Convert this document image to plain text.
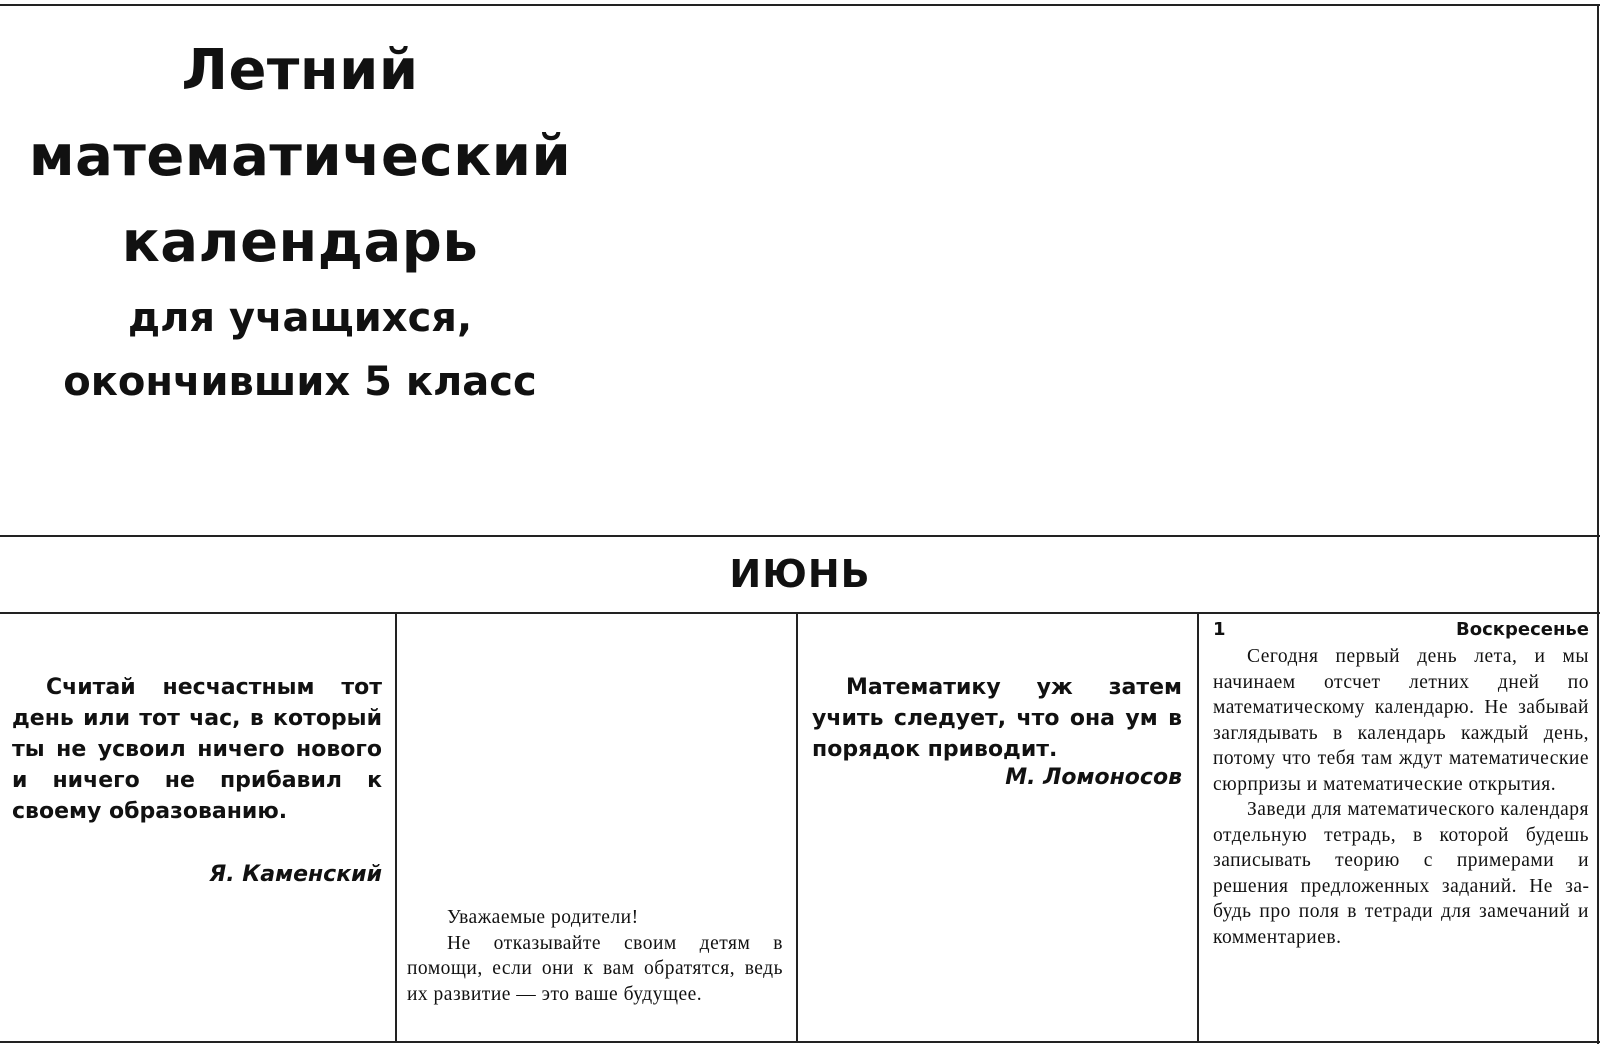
Летний
математический
календарь
для учащихся,
окончивших 5 класс
ИЮНЬ
Считай несчастным тот день или тот час, в который ты не усвоил ничего нового и ничего не прибавил к своему образованию.
Я. Каменский
Уважаемые родители!
Не отказывайте своим детям в помощи, если они к вам обратятся, ведь их развитие — это ваше будущее.
Математику уж затем учить следует, что она ум в порядок приводит.
М. Ломоносов
1	Воскресенье

Сегодня первый день лета, и мы начинаем отсчет летних дней по математическому календарю. Не забывай заглядывать в календарь каждый день, потому что тебя там ждут математические сюрпризы и математические открытия.

Заведи для математического календаря отдельную тетрадь, в которой будешь записывать теорию с примерами и решения предложенных заданий. Не забудь про поля в тетради для замечаний и комментариев.
